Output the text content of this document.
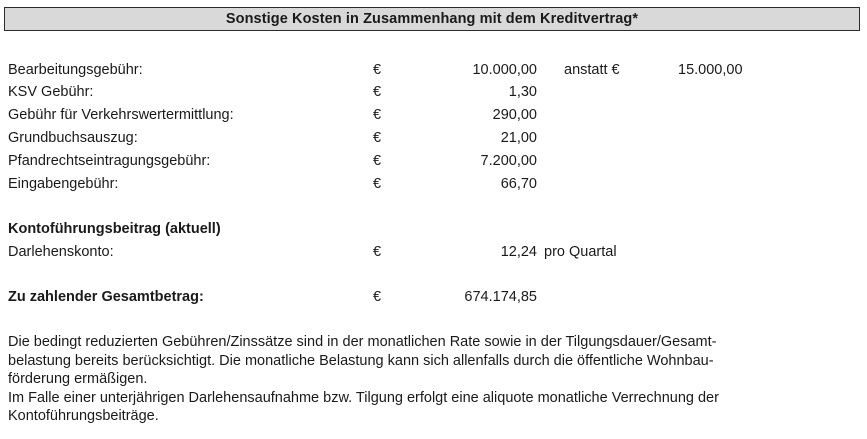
Sonstige Kosten in Zusammenhang mit dem Kreditvertrag*
Bearbeitungsgebühr:	€	10.000,00 anstatt €	15.000,00
KSV Gebühr:	€	1,30
Gebühr für Verkehrswertermittlung:	€	290,00
Grundbuchsauszug:	€	21,00
Pfandrechtseintragungsgebühr:	€	7.200,00
Eingabengebühr:	€	66,70
Kontoführungsbeitrag (aktuell)
Darlehenskonto:	€	12,24 pro Quartal
Zu zahlender Gesamtbetrag:	€	674.174,85

Die bedingt reduzierten Gebühren/Zinssätze sind in der monatlichen Rate sowie in der Tilgungsdauer/Gesamt-

belastung bereits berücksichtigt. Die monatliche Belastung kann sich allenfalls durch die öffentliche Wohnbau-

förderung ermäßigen.

Im Falle einer unterjährigen Darlehensaufnahme bzw. Tilgung erfolgt eine aliquote monatliche Verrechnung der

Kontoführungsbeiträge.
